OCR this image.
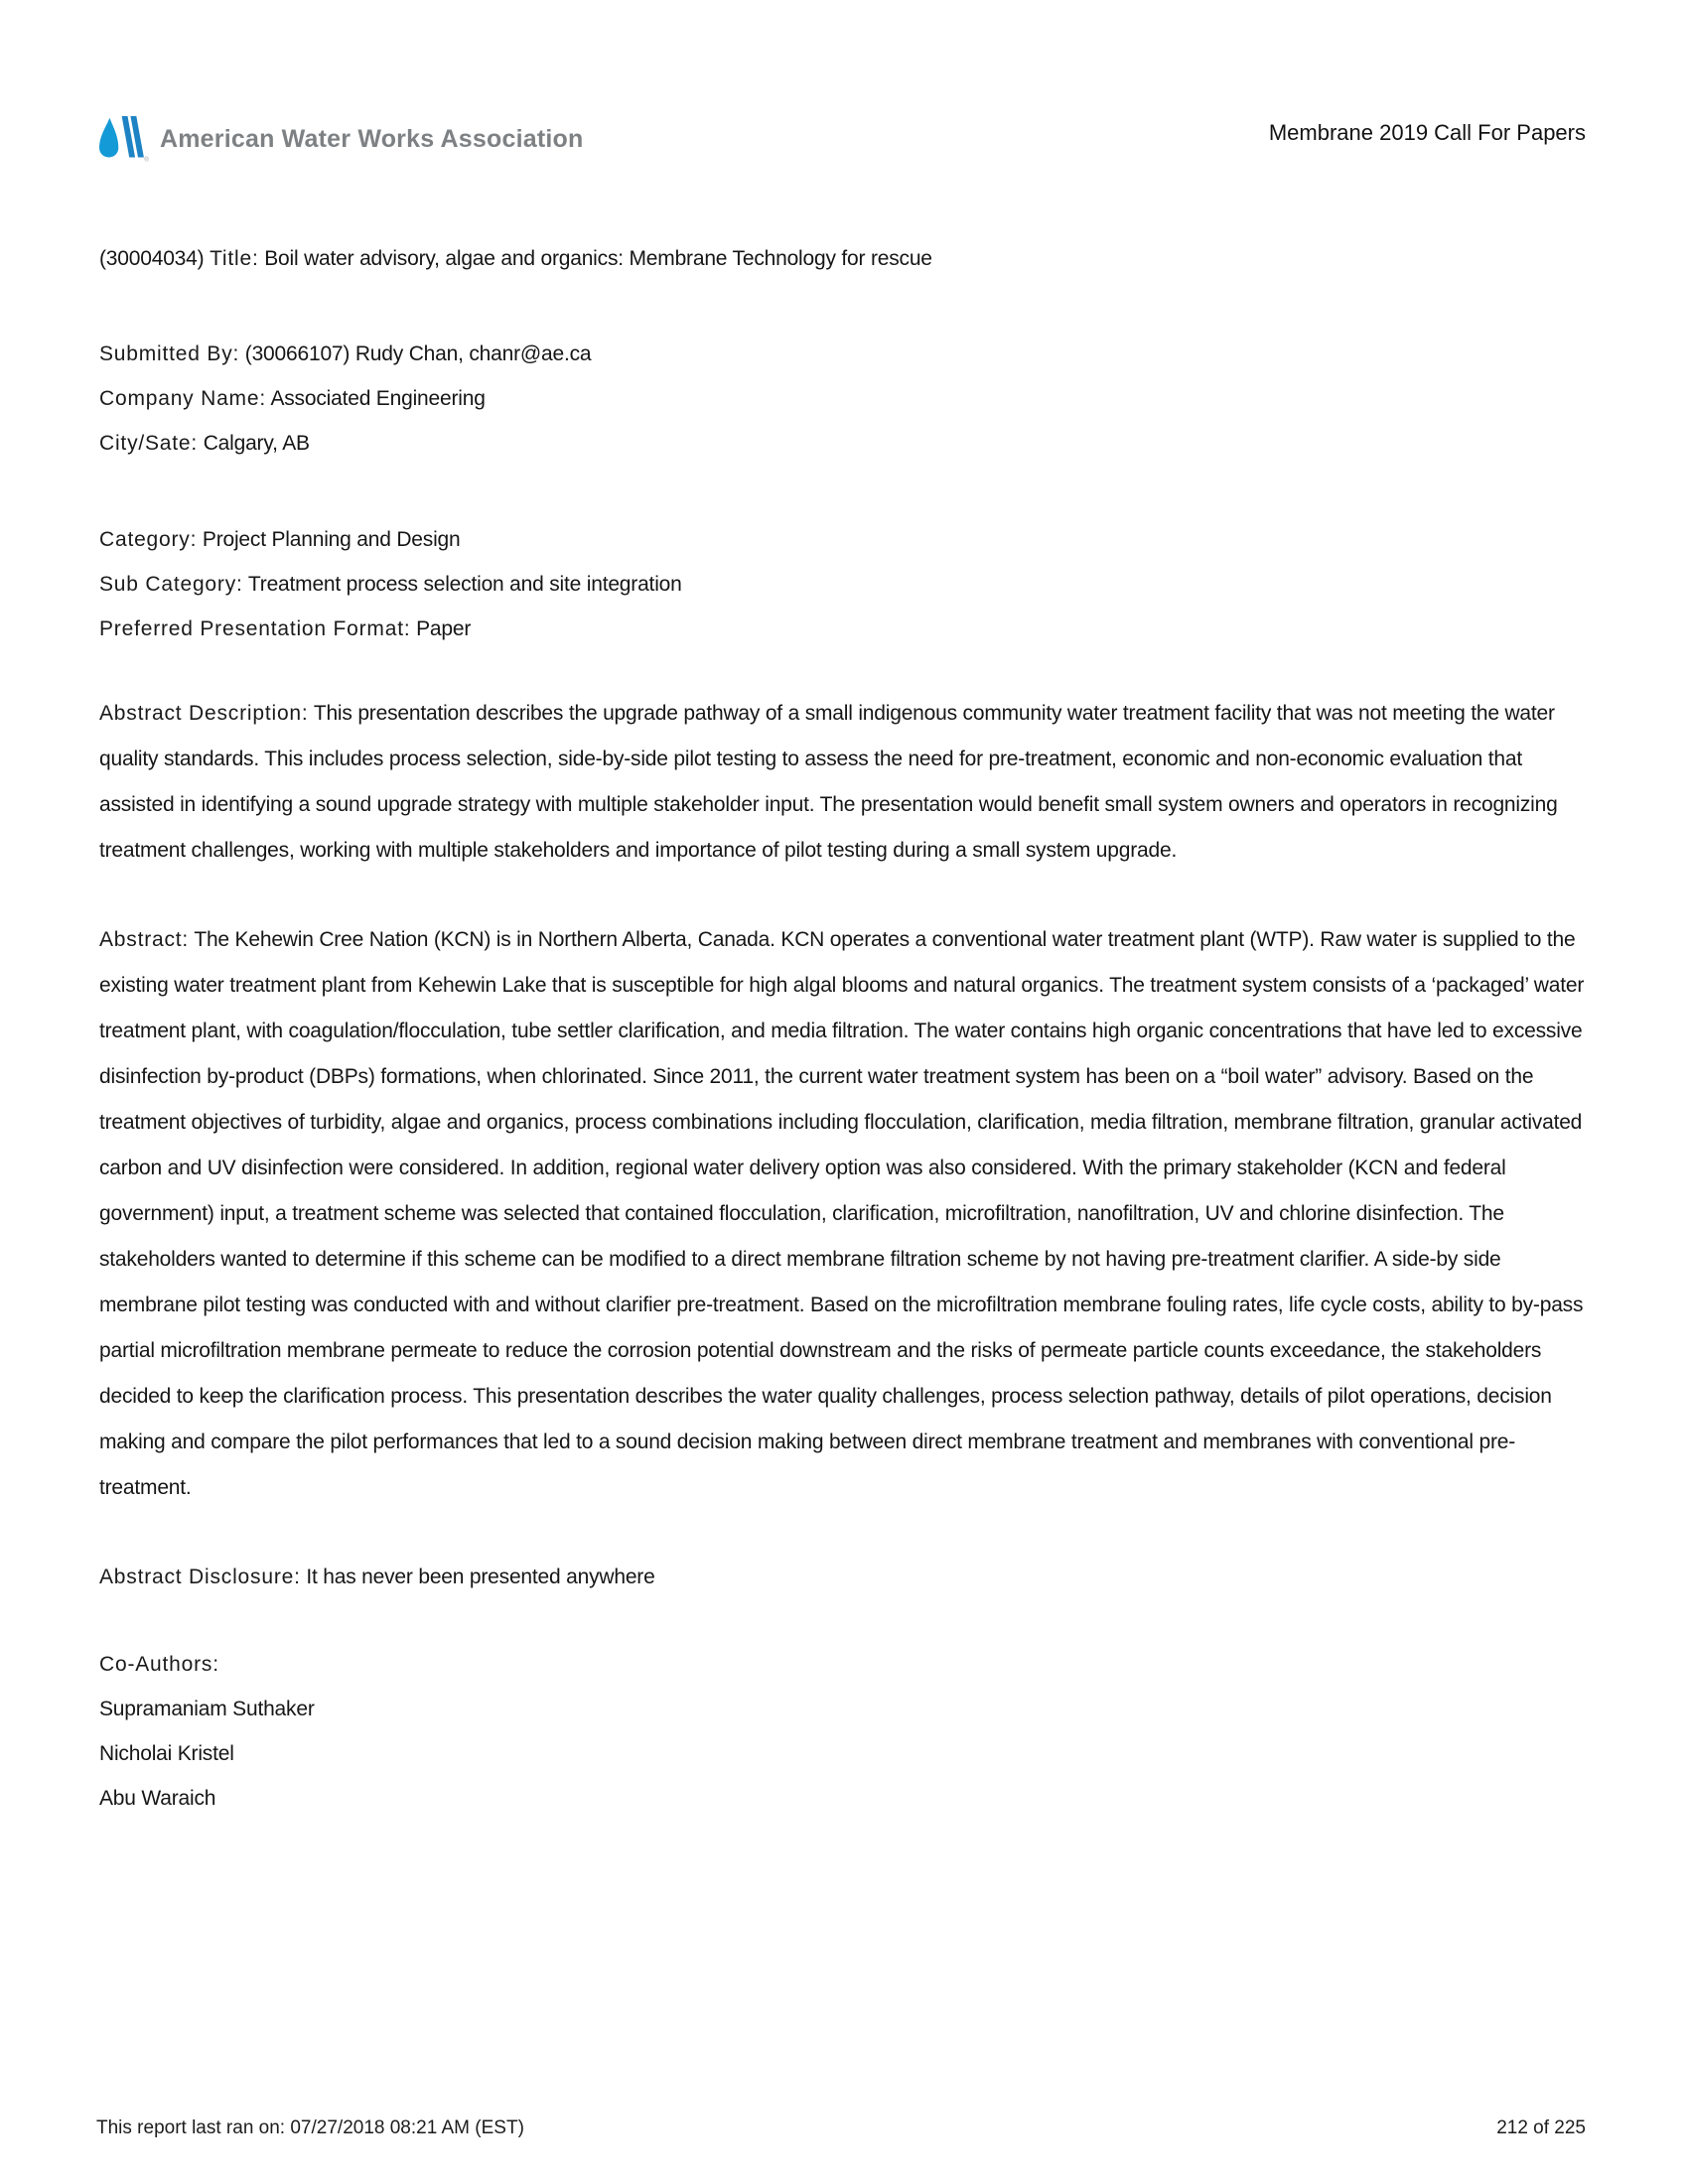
®
American Water Works Association	Membrane 2019 Call For Papers

(30004034) Title: Boil water advisory, algae and organics: Membrane Technology for rescue

Submitted By: (30066107) Rudy Chan, chanr@ae.ca

Company Name: Associated Engineering

City/Sate: Calgary, AB

Category: Project Planning and Design

Sub Category: Treatment process selection and site integration

Preferred Presentation Format: Paper

Abstract Description: This presentation describes the upgrade pathway of a small indigenous community water treatment facility that was not meeting the water quality standards. This includes process selection, side-by-side pilot testing to assess the need for pre-treatment, economic and non-economic evaluation that assisted in identifying a sound upgrade strategy with multiple stakeholder input. The presentation would benefit small system owners and operators in recognizing treatment challenges, working with multiple stakeholders and importance of pilot testing during a small system upgrade.

Abstract: The Kehewin Cree Nation (KCN) is in Northern Alberta, Canada. KCN operates a conventional water treatment plant (WTP). Raw water is supplied to the existing water treatment plant from Kehewin Lake that is susceptible for high algal blooms and natural organics. The treatment system consists of a ‘packaged’ water treatment plant, with coagulation/flocculation, tube settler clarification, and media filtration. The water contains high organic concentrations that have led to excessive disinfection by-product (DBPs) formations, when chlorinated. Since 2011, the current water treatment system has been on a “boil water” advisory. Based on the treatment objectives of turbidity, algae and organics, process combinations including flocculation, clarification, media filtration, membrane filtration, granular activated carbon and UV disinfection were considered. In addition, regional water delivery option was also considered. With the primary stakeholder (KCN and federal government) input, a treatment scheme was selected that contained flocculation, clarification, microfiltration, nanofiltration, UV and chlorine disinfection. The stakeholders wanted to determine if this scheme can be modified to a direct membrane filtration scheme by not having pre-treatment clarifier. A side-by side membrane pilot testing was conducted with and without clarifier pre-treatment. Based on the microfiltration membrane fouling rates, life cycle costs, ability to by-pass partial microfiltration membrane permeate to reduce the corrosion potential downstream and the risks of permeate particle counts exceedance, the stakeholders decided to keep the clarification process. This presentation describes the water quality challenges, process selection pathway, details of pilot operations, decision making and compare the pilot performances that led to a sound decision making between direct membrane treatment and membranes with conventional pre-treatment.

Abstract Disclosure: It has never been presented anywhere

Co-Authors:

Supramaniam Suthaker

Nicholai Kristel

Abu Waraich

This report last ran on: 07/27/2018 08:21 AM (EST)	212 of 225
